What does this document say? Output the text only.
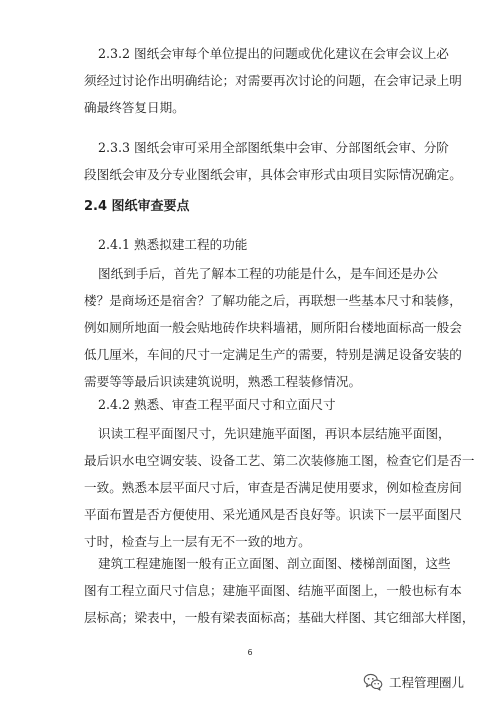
2.3.2 图纸会审每个单位提出的问题或优化建议在会审会议上必
须经过讨论作出明确结论；对需要再次讨论的问题，在会审记录上明
确最终答复日期。
2.3.3 图纸会审可采用全部图纸集中会审、分部图纸会审、分阶
段图纸会审及分专业图纸会审，具体会审形式由项目实际情况确定。
2.4 图纸审查要点
2.4.1 熟悉拟建工程的功能
图纸到手后，首先了解本工程的功能是什么，是车间还是办公
楼？是商场还是宿舍？了解功能之后，再联想一些基本尺寸和装修，
例如厕所地面一般会贴地砖作块料墙裙，厕所阳台楼地面标高一般会
低几厘米，车间的尺寸一定满足生产的需要，特别是满足设备安装的
需要等等最后识读建筑说明，熟悉工程装修情况。
2.4.2 熟悉、审查工程平面尺寸和立面尺寸
识读工程平面图尺寸，先识建施平面图，再识本层结施平面图，
最后识水电空调安装、设备工艺、第二次装修施工图，检查它们是否一
一致。熟悉本层平面尺寸后，审查是否满足使用要求，例如检查房间
平面布置是否方便使用、采光通风是否良好等。识读下一层平面图尺
寸时，检查与上一层有无不一致的地方。
建筑工程建施图一般有正立面图、剖立面图、楼梯剖面图，这些
图有工程立面尺寸信息；建施平面图、结施平面图上，一般也标有本
层标高；梁表中，一般有梁表面标高；基础大样图、其它细部大样图，
6
工程管理圈儿
